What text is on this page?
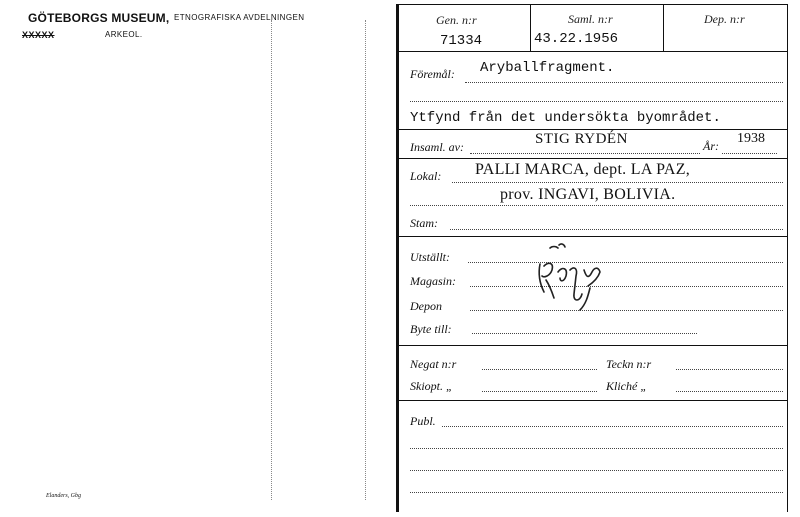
GÖTEBORGS MUSEUM, ETNOGRAFISKA AVDELNINGEN
XXXXX	ARKEOL.
Elanders, Gbg
Gen. n:r
71334
Saml. n:r
43.22.1956
Dep. n:r
Föremål: Aryballfragment.
Ytfynd från det undersökta byområdet.
Insaml. av:	STIG RYDÉN	År: 1938
Lokal: PALLI MARCA, dept. LA PAZ,
prov. INGAVI, BOLIVIA.
Stam:
Utställt:
Magasin:
Depon
Byte till:
Negat n:r	Teckn n:r
Skiopt. „	Kliché „
Publ.
